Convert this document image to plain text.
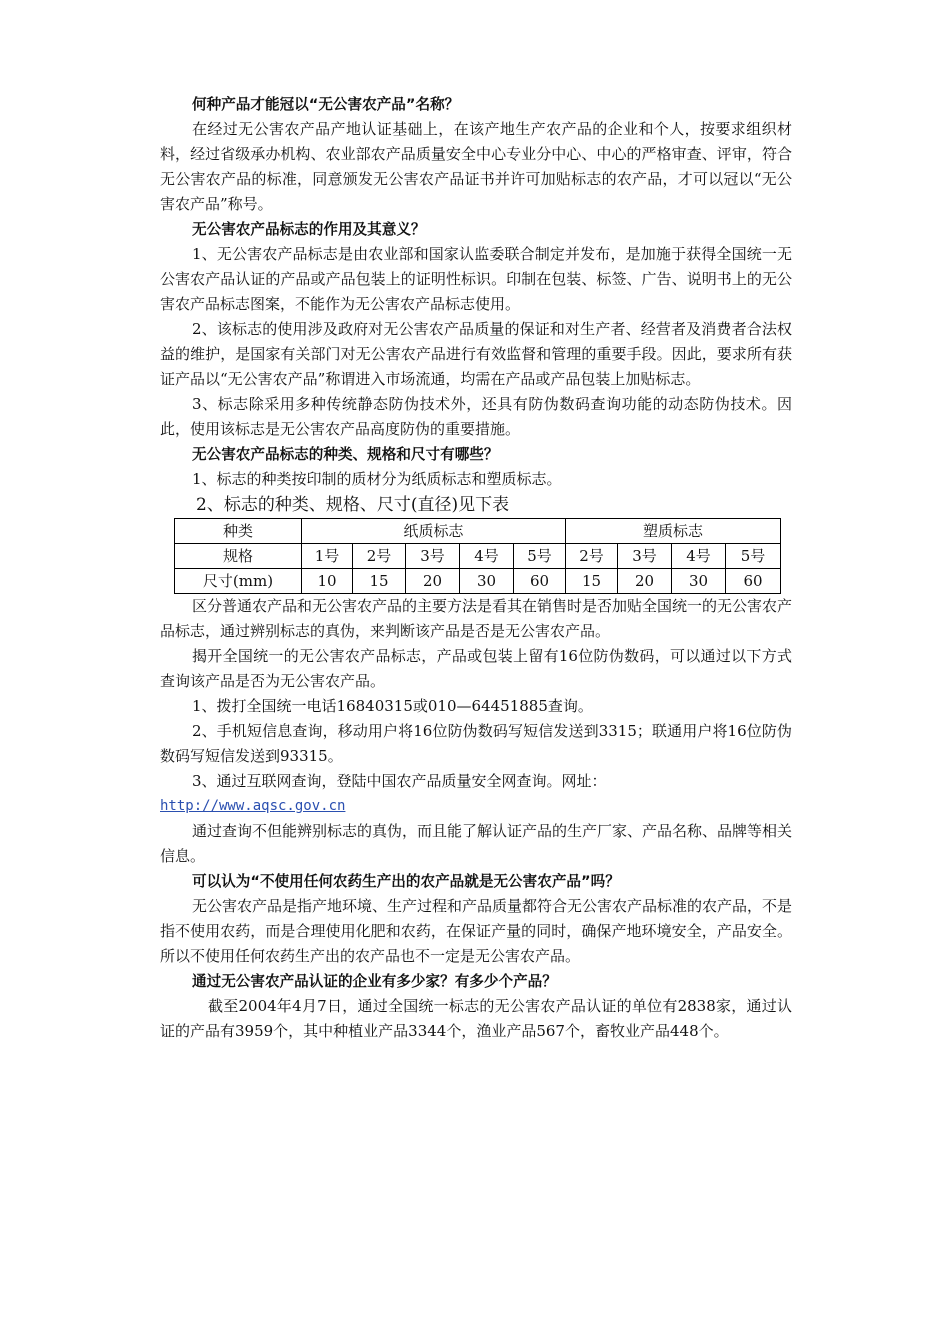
何种产品才能冠以“无公害农产品”名称？

在经过无公害农产品产地认证基础上，在该产地生产农产品的企业和个人，按要求组织材料，经过省级承办机构、农业部农产品质量安全中心专业分中心、中心的严格审查、评审，符合无公害农产品的标准，同意颁发无公害农产品证书并许可加贴标志的农产品，才可以冠以“无公害农产品”称号。

无公害农产品标志的作用及其意义？

1、无公害农产品标志是由农业部和国家认监委联合制定并发布，是加施于获得全国统一无公害农产品认证的产品或产品包装上的证明性标识。印制在包装、标签、广告、说明书上的无公害农产品标志图案，不能作为无公害农产品标志使用。

2、该标志的使用涉及政府对无公害农产品质量的保证和对生产者、经营者及消费者合法权益的维护，是国家有关部门对无公害农产品进行有效监督和管理的重要手段。因此，要求所有获证产品以“无公害农产品”称谓进入市场流通，均需在产品或产品包装上加贴标志。

3、标志除采用多种传统静态防伪技术外，还具有防伪数码查询功能的动态防伪技术。因此，使用该标志是无公害农产品高度防伪的重要措施。

无公害农产品标志的种类、规格和尺寸有哪些？

1、标志的种类按印制的质材分为纸质标志和塑质标志。

2、标志的种类、规格、尺寸(直径)见下表

种类	纸质标志					塑质标志			
规格	1号	2号	3号	4号	5号	2号	3号	4号	5号
尺寸(mm)	10	15	20	30	60	15	20	30	60

区分普通农产品和无公害农产品的主要方法是看其在销售时是否加贴全国统一的无公害农产品标志，通过辨别标志的真伪，来判断该产品是否是无公害农产品。

揭开全国统一的无公害农产品标志，产品或包装上留有16位防伪数码，可以通过以下方式查询该产品是否为无公害农产品。

1、拨打全国统一电话16840315或010—64451885查询。

2、手机短信息查询，移动用户将16位防伪数码写短信发送到3315；联通用户将16位防伪数码写短信发送到93315。

3、通过互联网查询，登陆中国农产品质量安全网查询。网址：

http://www.aqsc.gov.cn

通过查询不但能辨别标志的真伪，而且能了解认证产品的生产厂家、产品名称、品牌等相关信息。

可以认为“不使用任何农药生产出的农产品就是无公害农产品”吗？

无公害农产品是指产地环境、生产过程和产品质量都符合无公害农产品标准的农产品，不是指不使用农药，而是合理使用化肥和农药，在保证产量的同时，确保产地环境安全，产品安全。所以不使用任何农药生产出的农产品也不一定是无公害农产品。

通过无公害农产品认证的企业有多少家？有多少个产品？

截至2004年4月7日，通过全国统一标志的无公害农产品认证的单位有2838家，通过认证的产品有3959个，其中种植业产品3344个，渔业产品567个，畜牧业产品448个。
